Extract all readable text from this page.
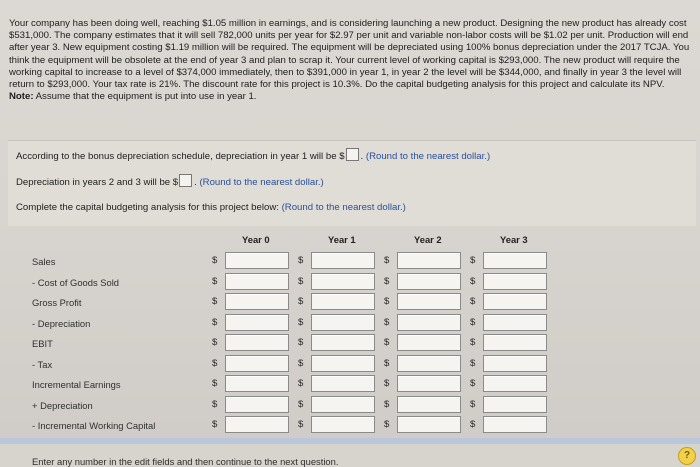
Your company has been doing well, reaching $1.05 million in earnings, and is considering launching a new product. Designing the new product has already cost $531,000. The company estimates that it will sell 782,000 units per year for $2.97 per unit and variable non-labor costs will be $1.02 per unit. Production will end after year 3. New equipment costing $1.19 million will be required. The equipment will be depreciated using 100% bonus depreciation under the 2017 TCJA. You think the equipment will be obsolete at the end of year 3 and plan to scrap it. Your current level of working capital is $293,000. The new product will require the working capital to increase to a level of $374,000 immediately, then to $391,000 in year 1, in year 2 the level will be $344,000, and finally in year 3 the level will return to $293,000. Your tax rate is 21%. The discount rate for this project is 10.3%. Do the capital budgeting analysis for this project and calculate its NPV.

Note: Assume that the equipment is put into use in year 1.

According to the bonus depreciation schedule, depreciation in year 1 will be $ . (Round to the nearest dollar.)
Depreciation in years 2 and 3 will be $ . (Round to the nearest dollar.)
Complete the capital budgeting analysis for this project below: (Round to the nearest dollar.)
Year 0	Year 1	Year 2	Year 3
Sales	$	$	$	$
- Cost of Goods Sold	$	$	$	$
Gross Profit	$	$	$	$
- Depreciation	$	$	$	$
EBIT	$	$	$	$
- Tax	$	$	$	$
Incremental Earnings	$	$	$	$
+ Depreciation	$	$	$	$
- Incremental Working Capital	$	$	$	$
Enter any number in the edit fields and then continue to the next question.
?
